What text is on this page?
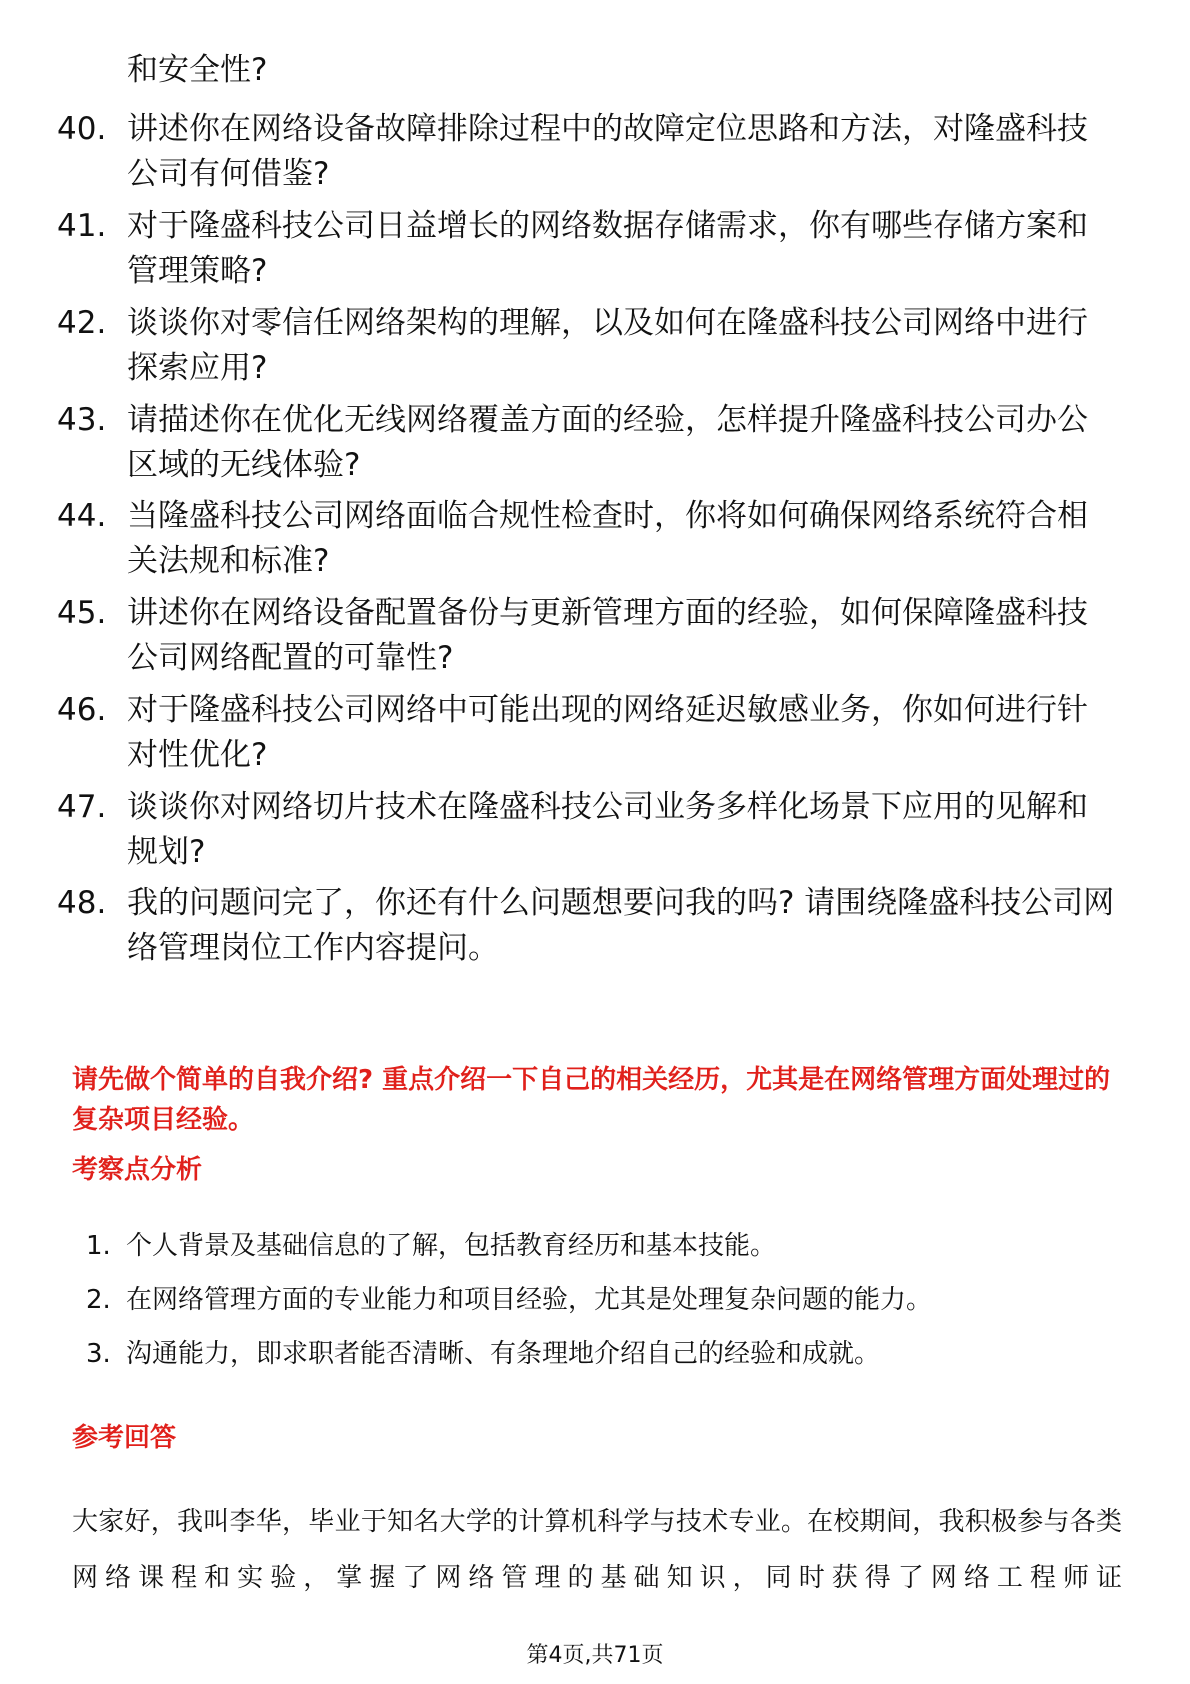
和安全性?

40. 讲述你在网络设备故障排除过程中的故障定位思路和方法，对隆盛科技公司有何借鉴?

41. 对于隆盛科技公司日益增长的网络数据存储需求，你有哪些存储方案和管理策略?

42. 谈谈你对零信任网络架构的理解，以及如何在隆盛科技公司网络中进行探索应用?

43. 请描述你在优化无线网络覆盖方面的经验，怎样提升隆盛科技公司办公区域的无线体验?

44. 当隆盛科技公司网络面临合规性检查时，你将如何确保网络系统符合相关法规和标准?

45. 讲述你在网络设备配置备份与更新管理方面的经验，如何保障隆盛科技公司网络配置的可靠性?

46. 对于隆盛科技公司网络中可能出现的网络延迟敏感业务，你如何进行针对性优化?

47. 谈谈你对网络切片技术在隆盛科技公司业务多样化场景下应用的见解和规划?

48. 我的问题问完了，你还有什么问题想要问我的吗? 请围绕隆盛科技公司网络管理岗位工作内容提问。

请先做个简单的自我介绍? 重点介绍一下自己的相关经历，尤其是在网络管理方面处理过的复杂项目经验。

考察点分析
1. 个人背景及基础信息的了解，包括教育经历和基本技能。
2. 在网络管理方面的专业能力和项目经验，尤其是处理复杂问题的能力。
3. 沟通能力，即求职者能否清晰、有条理地介绍自己的经验和成就。
参考回答

大家好，我叫李华，毕业于知名大学的计算机科学与技术专业。在校期间，我积极参与各类网络课程和实验，掌握了网络管理的基础知识，同时获得了网络工程师证

第4页,共71页
